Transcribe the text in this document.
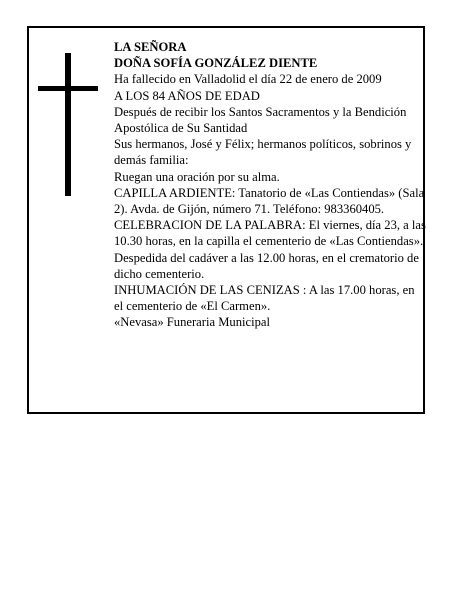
LA SEÑORA

DOÑA SOFÍA GONZÁLEZ DIENTE

Ha fallecido en Valladolid el día 22 de enero de 2009

A LOS 84 AÑOS DE EDAD

Después de recibir los Santos Sacramentos y la Bendición Apostólica de Su Santidad

Sus hermanos, José y Félix; hermanos políticos, sobrinos y demás familia:

Ruegan una oración por su alma.

CAPILLA ARDIENTE: Tanatorio de «Las Contiendas» (Sala 2). Avda. de Gijón, número 71. Teléfono: 983360405.

CELEBRACION DE LA PALABRA: El viernes, día 23, a las 10.30 horas, en la capilla el cementerio de «Las Contiendas». Despedida del cadáver a las 12.00 horas, en el crematorio de dicho cementerio.

INHUMACIÓN DE LAS CENIZAS : A las 17.00 horas, en el cementerio de «El Carmen».

«Nevasa» Funeraria Municipal
